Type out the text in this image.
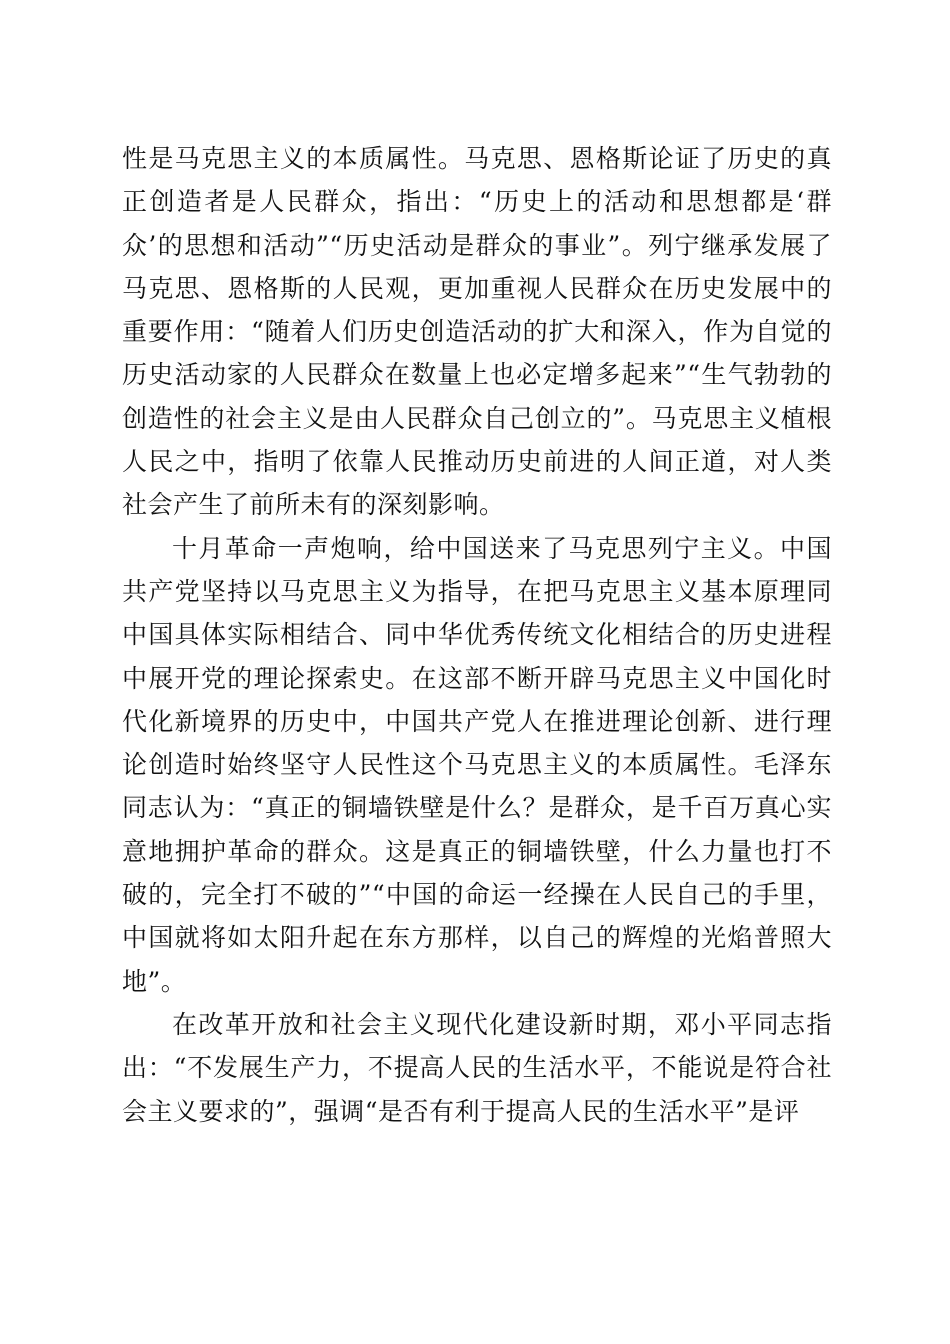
性是马克思主义的本质属性。马克思、恩格斯论证了历史的真正创造者是人民群众，指出：“历史上的活动和思想都是‘群众’的思想和活动”“历史活动是群众的事业”。列宁继承发展了马克思、恩格斯的人民观，更加重视人民群众在历史发展中的重要作用：“随着人们历史创造活动的扩大和深入，作为自觉的历史活动家的人民群众在数量上也必定增多起来”“生气勃勃的创造性的社会主义是由人民群众自己创立的”。马克思主义植根人民之中，指明了依靠人民推动历史前进的人间正道，对人类社会产生了前所未有的深刻影响。

十月革命一声炮响，给中国送来了马克思列宁主义。中国共产党坚持以马克思主义为指导，在把马克思主义基本原理同中国具体实际相结合、同中华优秀传统文化相结合的历史进程中展开党的理论探索史。在这部不断开辟马克思主义中国化时代化新境界的历史中，中国共产党人在推进理论创新、进行理论创造时始终坚守人民性这个马克思主义的本质属性。毛泽东同志认为：“真正的铜墙铁壁是什么？是群众，是千百万真心实意地拥护革命的群众。这是真正的铜墙铁壁，什么力量也打不破的，完全打不破的”“中国的命运一经操在人民自己的手里，中国就将如太阳升起在东方那样，以自己的辉煌的光焰普照大地”。

在改革开放和社会主义现代化建设新时期，邓小平同志指出：“不发展生产力，不提高人民的生活水平，不能说是符合社会主义要求的”，强调“是否有利于提高人民的生活水平”是评
